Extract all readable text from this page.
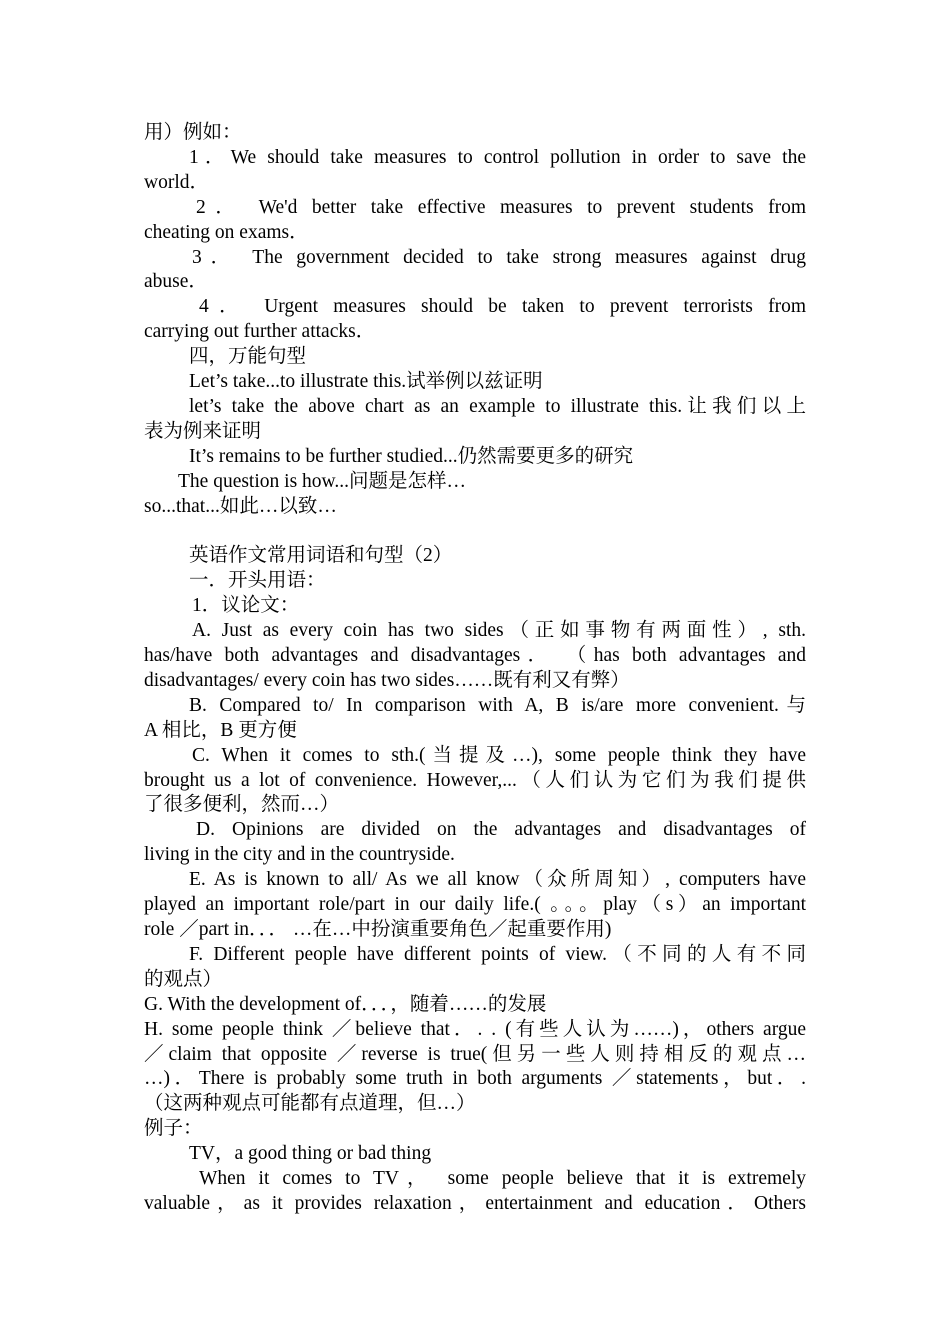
用）例如：
1．We should take measures to control pollution in order to save the
world．
2． We'd better take effective measures to prevent students from
cheating on exams．
3． The government decided to take strong measures against drug
abuse．
4． Urgent measures should be taken to prevent terrorists from
carrying out further attacks．
四，万能句型
Let’s take...to illustrate this.试举例以兹证明
let’s take the above chart as an example to illustrate this.让我们以上
表为例来证明
It’s remains to be further studied...仍然需要更多的研究
The question is how...问题是怎样…
so...that...如此…以致…
英语作文常用词语和句型（2）
一．开头用语：
1．议论文：
A. Just as every coin has two sides（正如事物有两面性）, sth.
has/have both advantages and disadvantages． （has both advantages and
disadvantages/ every coin has two sides……既有利又有弊）
B. Compared to/ In comparison with A, B is/are more convenient.与
A 相比，B 更方便
C. When it comes to sth.(当提及…), some people think they have
brought us a lot of convenience. However,...（人们认为它们为我们提供
了很多便利，然而…）
D. Opinions are divided on the advantages and disadvantages of
living in the city and in the countryside.
E. As is known to all/ As we all know（众所周知）, computers have
played an important role/part in our daily life.( 。。。play（s）an important
role ／part in．．． …在…中扮演重要角色／起重要作用)
F. Different people have different points of view.（不同的人有不同
的观点）
G. With the development of．．．，随着……的发展
H. some people think ／believe that．. . (有些人认为……)，others argue
／claim that opposite ／reverse is true(但另一些人则持相反的观点…
…)．There is probably some truth in both arguments ／statements，but．.
（这两种观点可能都有点道理，但…）
例子：
TV，a good thing or bad thing
When it comes to TV， some people believe that it is extremely
valuable，as it provides relaxation，entertainment and education．Others
